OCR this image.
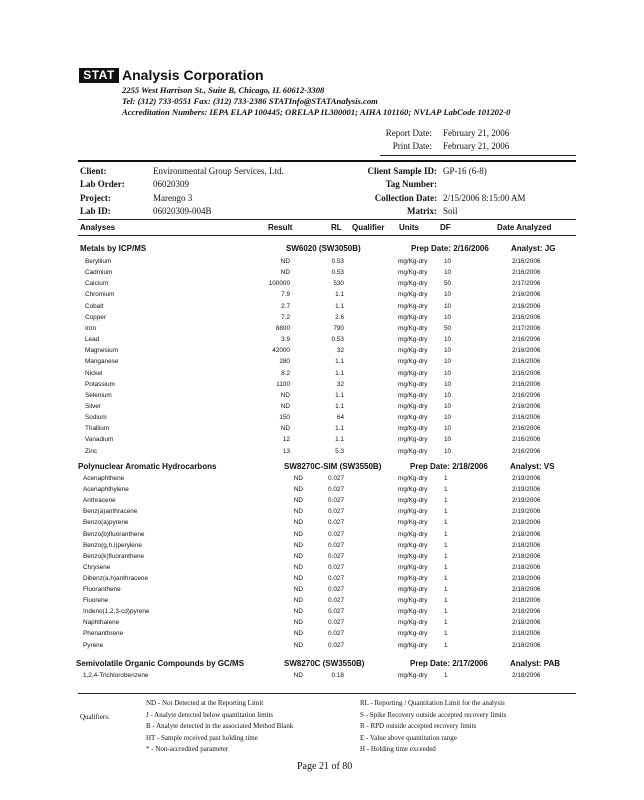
STAT Analysis Corporation
2255 West Harrison St., Suite B, Chicago, IL 60612-3308
Tel: (312) 733-0551 Fax: (312) 733-2386 STATInfo@STATAnalysis.com
Accreditation Numbers: IEPA ELAP 100445; ORELAP IL300001; AIHA 101160; NVLAP LabCode 101202-0
Report Date: February 21, 2006
Print Date: February 21, 2006
Client:	Environmental Group Services, Ltd.
Lab Order:	06020309
Project:	Marengo 3
Lab ID:	06020309-004B
Client Sample ID: GP-16 (6-8)
Tag Number:
Collection Date: 2/15/2006 8:15:00 AM
Matrix: Soil
Analyses	Result	RL Qualifier Units	DF	Date Analyzed
Metals by ICP/MS	SW6020 (SW3050B)	Prep Date: 2/16/2006	Analyst: JG
Beryllium	ND	0.53	mg/Kg-dry	10	2/16/2006
Cadmium	ND	0.53	mg/Kg-dry	10	2/16/2006
Calcium	100000	530	mg/Kg-dry	50	2/17/2006
Chromium	7.9	1.1	mg/Kg-dry	10	2/16/2006
Cobalt	2.7	1.1	mg/Kg-dry	10	2/16/2006
Copper	7.2	2.6	mg/Kg-dry	10	2/16/2006
Iron	8800	790	mg/Kg-dry	50	2/17/2006
Lead	3.9	0.53	mg/Kg-dry	10	2/16/2006
Magnesium	42000	32	mg/Kg-dry	10	2/16/2006
Manganese	280	1.1	mg/Kg-dry	10	2/16/2006
Nickel	8.2	1.1	mg/Kg-dry	10	2/16/2006
Potassium	1100	32	mg/Kg-dry	10	2/16/2006
Selenium	ND	1.1	mg/Kg-dry	10	2/16/2006
Silver	ND	1.1	mg/Kg-dry	10	2/16/2006
Sodium	150	64	mg/Kg-dry	10	2/16/2006
Thallium	ND	1.1	mg/Kg-dry	10	2/16/2006
Vanadium	12	1.1	mg/Kg-dry	10	2/16/2006
Zinc	13	5.3	mg/Kg-dry	10	2/16/2006
Polynuclear Aromatic Hydrocarbons	SW8270C-SIM (SW3550B)	Prep Date: 2/18/2006	Analyst: VS
Acenaphthene	ND	0.027	mg/Kg-dry	1	2/19/2006
Acenaphthylene	ND	0.027	mg/Kg-dry	1	2/19/2006
Anthracene	ND	0.027	mg/Kg-dry	1	2/19/2006
Benz(a)anthracene	ND	0.027	mg/Kg-dry	1	2/19/2006
Benzo(a)pyrene	ND	0.027	mg/Kg-dry	1	2/18/2006
Benzo(b)fluoranthene	ND	0.027	mg/Kg-dry	1	2/18/2006
Benzo(g,h,i)perylene	ND	0.027	mg/Kg-dry	1	2/18/2006
Benzo(k)fluoranthene	ND	0.027	mg/Kg-dry	1	2/18/2006
Chrysene	ND	0.027	mg/Kg-dry	1	2/18/2006
Dibenz(a,h)anthracene	ND	0.027	mg/Kg-dry	1	2/18/2006
Fluoranthene	ND	0.027	mg/Kg-dry	1	2/18/2006
Fluorene	ND	0.027	mg/Kg-dry	1	2/18/2006
Indeno(1,2,3-cd)pyrene	ND	0.027	mg/Kg-dry	1	2/18/2006
Naphthalene	ND	0.027	mg/Kg-dry	1	2/18/2006
Phenanthrene	ND	0.027	mg/Kg-dry	1	2/18/2006
Pyrene	ND	0.027	mg/Kg-dry	1	2/18/2006
Semivolatile Organic Compounds by GC/MS	SW8270C (SW3550B)	Prep Date: 2/17/2006	Analyst: PAB
1,2,4-Trichlorobenzene	ND	0.18	mg/Kg-dry	1	2/18/2006
Qualifiers:
ND - Not Detected at the Reporting Limit
J - Analyte detected below quantitation limits
B - Analyte detected in the associated Method Blank
HT - Sample received past holding time
* - Non-accredited parameter
RL - Reporting / Quantitation Limit for the analysis
S - Spike Recovery outside accepted recovery limits
R - RPD outside accepted recovery limits
E - Value above quantitation range
H - Holding time exceeded
Page 21 of 80
